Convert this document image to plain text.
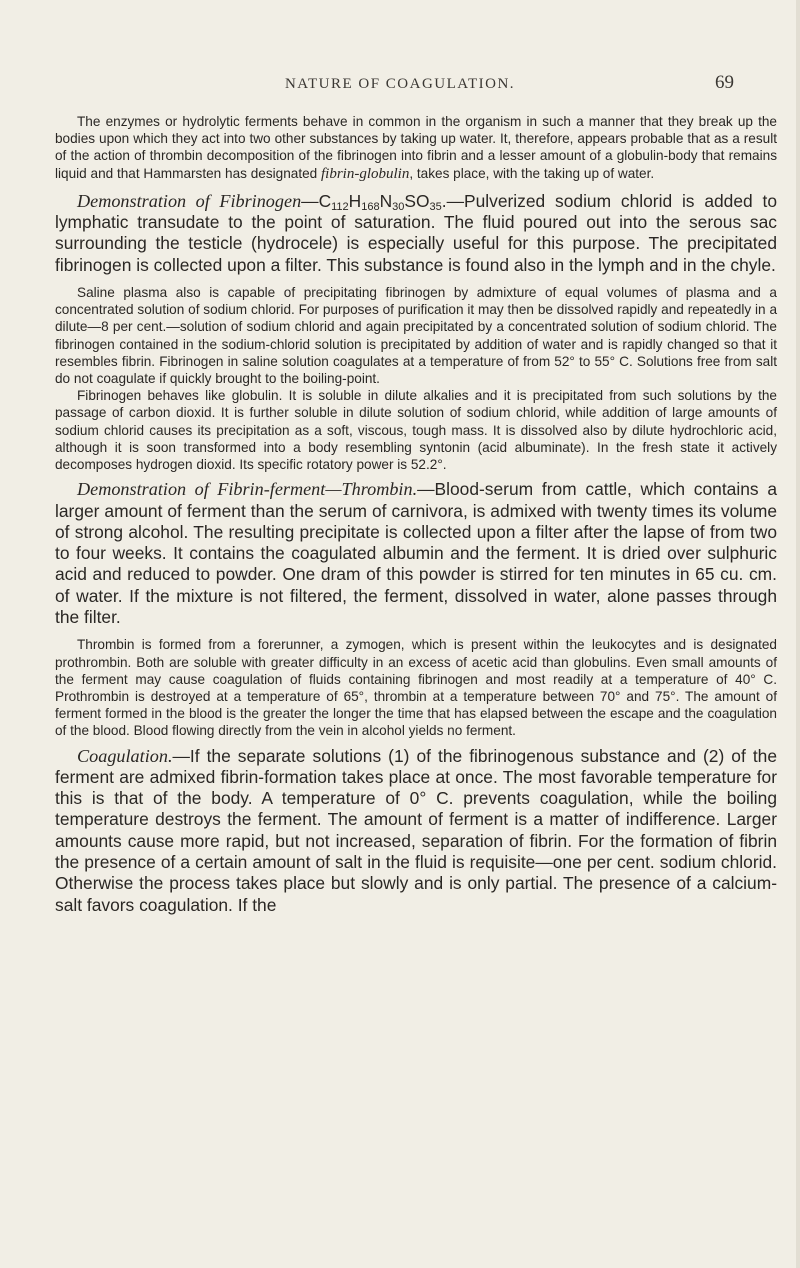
NATURE OF COAGULATION.	69

The enzymes or hydrolytic ferments behave in common in the organism in such a manner that they break up the bodies upon which they act into two other substances by taking up water. It, therefore, appears probable that as a result of the action of thrombin decomposition of the fibrinogen into fibrin and a lesser amount of a globulin-body that remains liquid and that Hammarsten has designated fibrin-globulin, takes place, with the taking up of water.

Demonstration of $Fibrinogen—C_{112}H_{168}N_{30}SO_{35}.—Pulverized$ sodium chlorid is added to lymphatic transudate to the point of saturation. The fluid poured out into the serous sac surrounding the testicle (hydrocele) is especially useful for this purpose. The precipitated fibrinogen is collected upon a filter. This substance is found also in the lymph and in the chyle.

Saline plasma also is capable of precipitating fibrinogen by admixture of equal volumes of plasma and a concentrated solution of sodium chlorid. For purposes of purification it may then be dissolved rapidly and repeatedly in a dilute—8 per cent.—solution of sodium chlorid and again precipitated by a concentrated solution of sodium chlorid. The fibrinogen contained in the sodium-chlorid solution is precipitated by addition of water and is rapidly changed so that it resembles fibrin. Fibrinogen in saline solution coagulates at a temperature of from 52° to 55° C. Solutions free from salt do not coagulate if quickly brought to the boiling-point.

Fibrinogen behaves like globulin. It is soluble in dilute alkalies and it is precipitated from such solutions by the passage of carbon dioxid. It is further soluble in dilute solution of sodium chlorid, while addition of large amounts of sodium chlorid causes its precipitation as a soft, viscous, tough mass. It is dissolved also by dilute hydrochloric acid, although it is soon transformed into a body resembling syntonin (acid albuminate). In the fresh state it actively decomposes hydrogen dioxid. Its specific rotatory power is 52.2°.

Demonstration of Fibrin-ferment—Thrombin.—Blood-serum from cattle, which contains a larger amount of ferment than the serum of carnivora, is admixed with twenty times its volume of strong alcohol. The resulting precipitate is collected upon a filter after the lapse of from two to four weeks. It contains the coagulated albumin and the ferment. It is dried over sulphuric acid and reduced to powder. One dram of this powder is stirred for ten minutes in 65 cu. cm. of water. If the mixture is not filtered, the ferment, dissolved in water, alone passes through the filter.

Thrombin is formed from a forerunner, a zymogen, which is present within the leukocytes and is designated prothrombin. Both are soluble with greater difficulty in an excess of acetic acid than globulins. Even small amounts of the ferment may cause coagulation of fluids containing fibrinogen and most readily at a temperature of 40° C. Prothrombin is destroyed at a temperature of 65°, thrombin at a temperature between 70° and 75°. The amount of ferment formed in the blood is the greater the longer the time that has elapsed between the escape and the coagulation of the blood. Blood flowing directly from the vein in alcohol yields no ferment.

Coagulation.—If the separate solutions (1) of the fibrinogenous substance and (2) of the ferment are admixed fibrin-formation takes place at once. The most favorable temperature for this is that of the body. A temperature of 0° C. prevents coagulation, while the boiling temperature destroys the ferment. The amount of ferment is a matter of indifference. Larger amounts cause more rapid, but not increased, separation of fibrin. For the formation of fibrin the presence of a certain amount of salt in the fluid is requisite—one per cent. sodium chlorid. Otherwise the process takes place but slowly and is only partial. The presence of a calcium-salt favors coagulation. If the
